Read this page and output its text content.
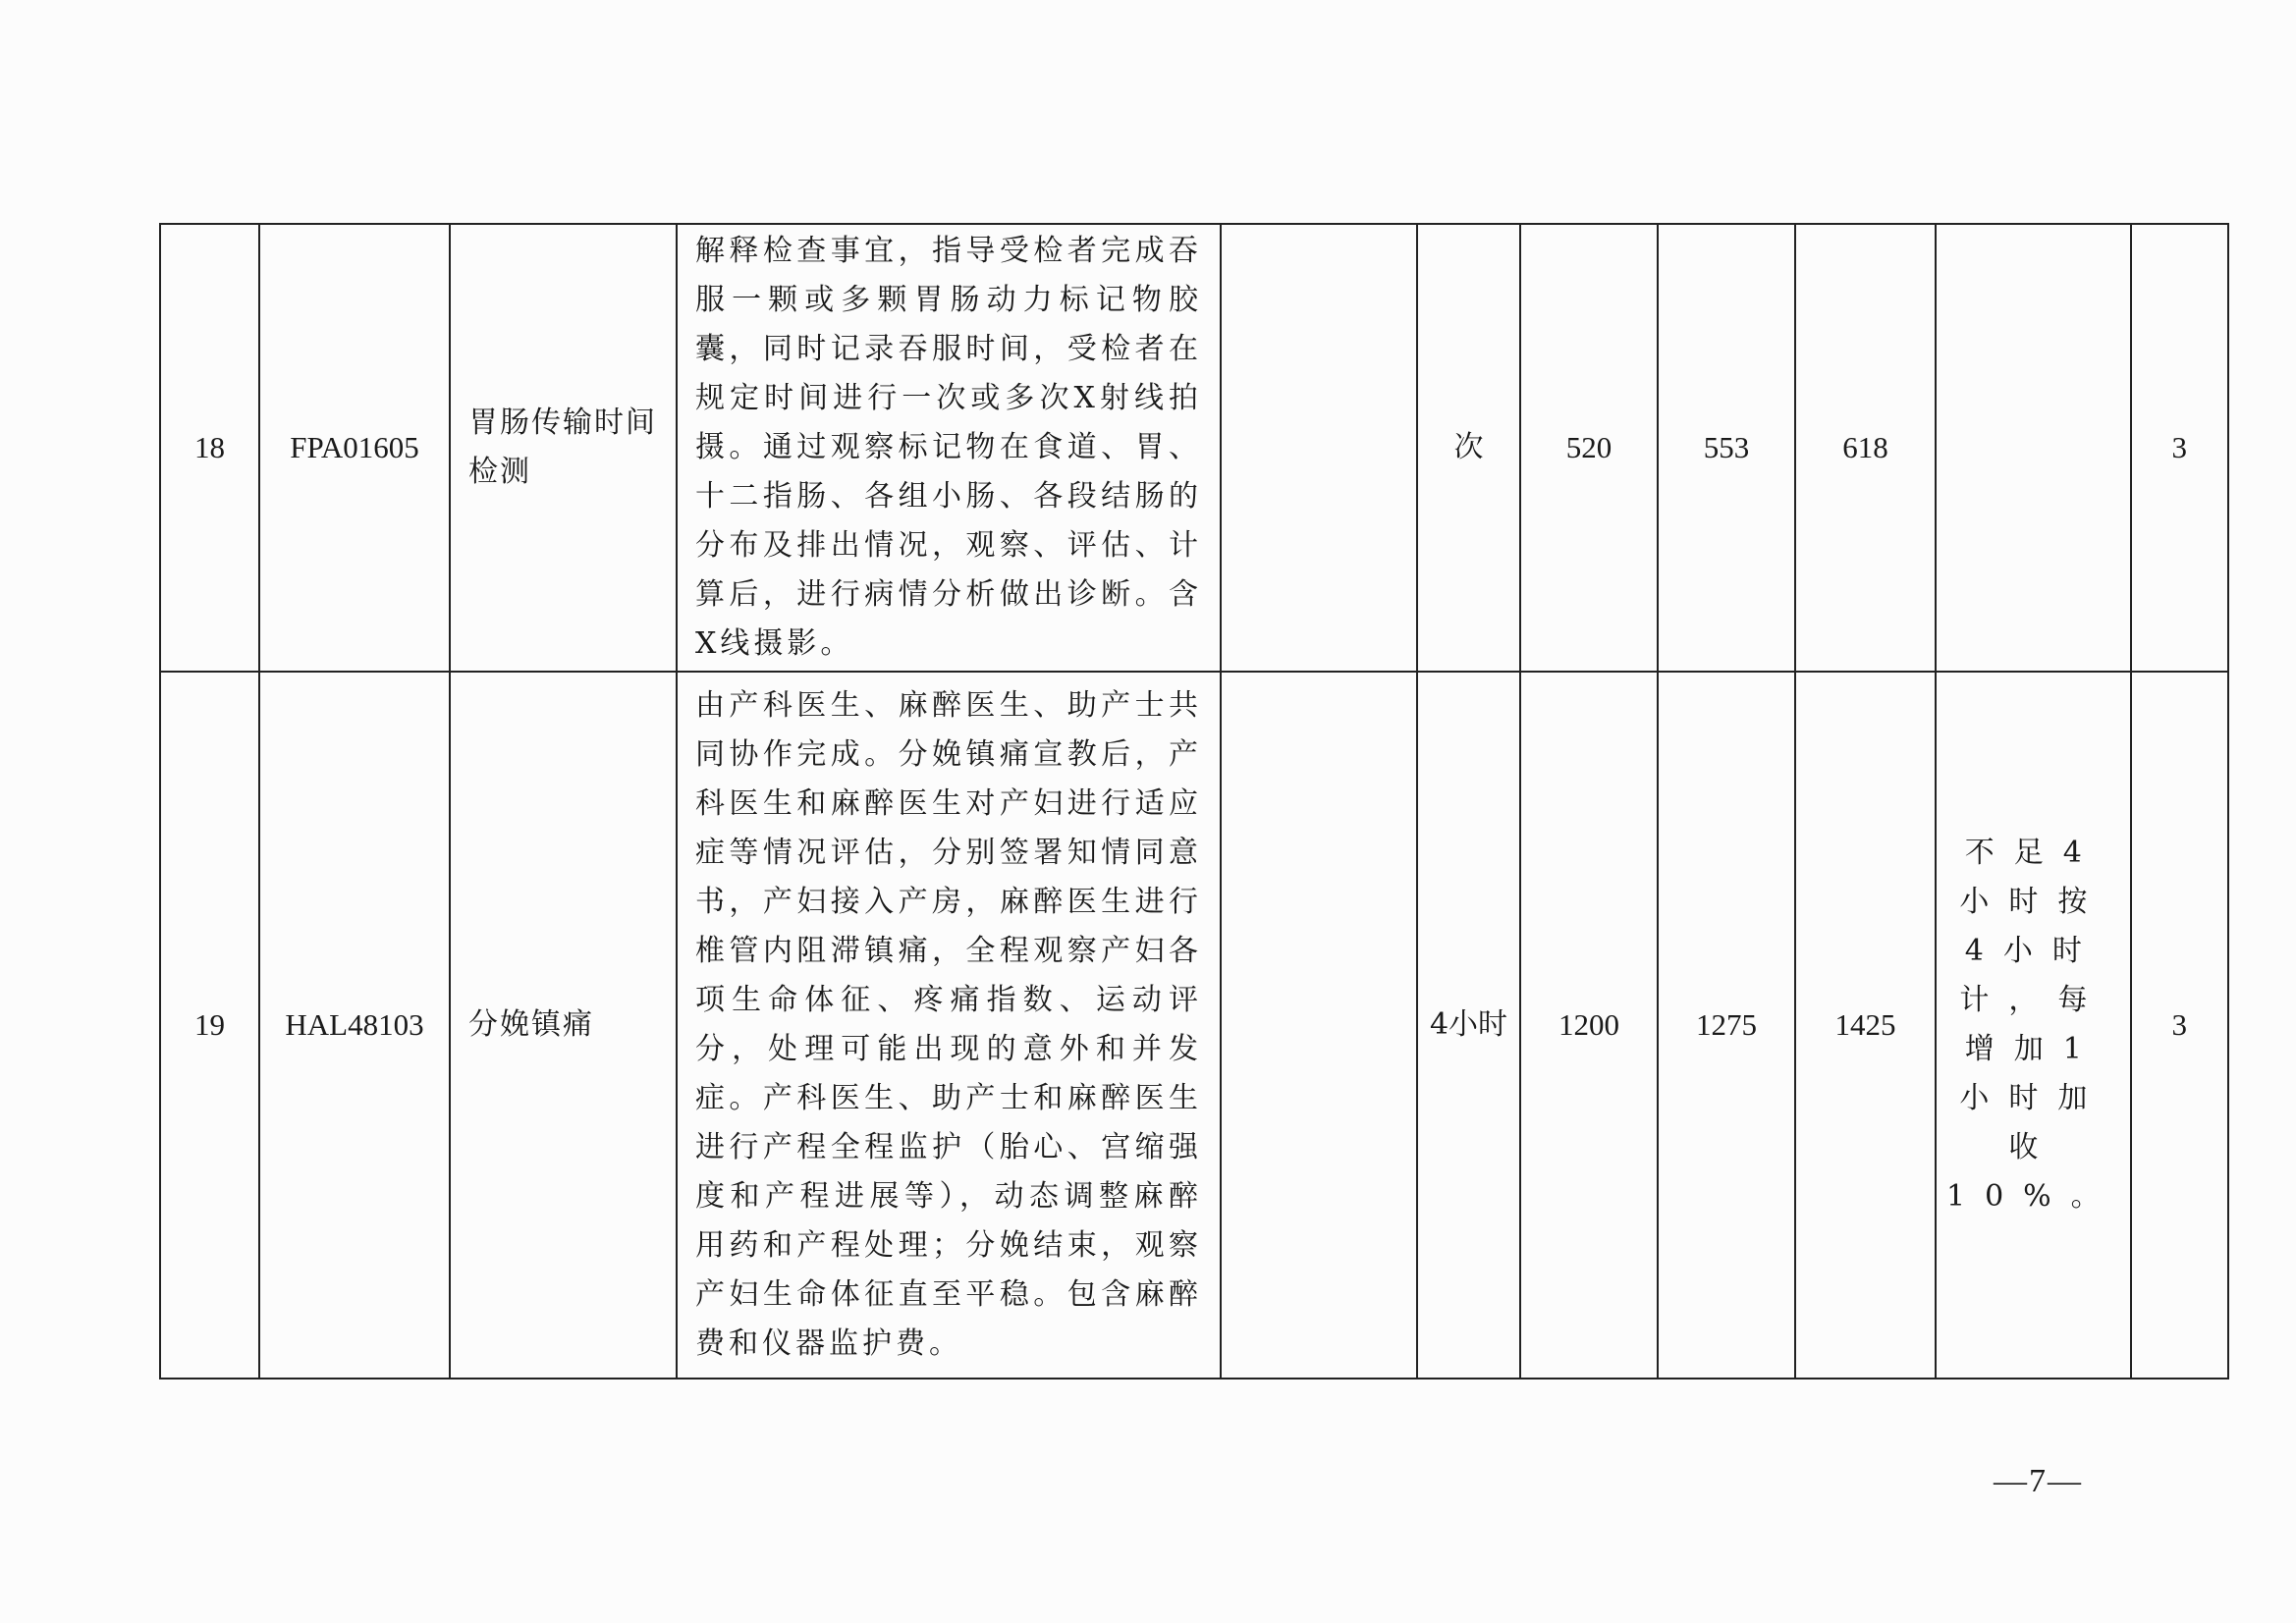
18	FPA01605	胃肠传输时间检测	解释检查事宜，指导受检者完成吞服一颗或多颗胃肠动力标记物胶囊，同时记录吞服时间，受检者在规定时间进行一次或多次X射线拍摄。通过观察标记物在食道、胃、十二指肠、各组小肠、各段结肠的分布及排出情况，观察、评估、计算后，进行病情分析做出诊断。含X线摄影。		次	520	553	618		3
19	HAL48103	分娩镇痛	由产科医生、麻醉医生、助产士共同协作完成。分娩镇痛宣教后，产科医生和麻醉医生对产妇进行适应症等情况评估，分别签署知情同意书，产妇接入产房，麻醉医生进行椎管内阻滞镇痛，全程观察产妇各项生命体征、疼痛指数、运动评分，处理可能出现的意外和并发症。产科医生、助产士和麻醉医生进行产程全程监护（胎心、宫缩强度和产程进展等），动态调整麻醉用药和产程处理；分娩结束，观察产妇生命体征直至平稳。包含麻醉费和仪器监护费。		4小时	1200	1275	1425	不足4小时按4小时计，每增加1小时加收10%。	3
—7—
